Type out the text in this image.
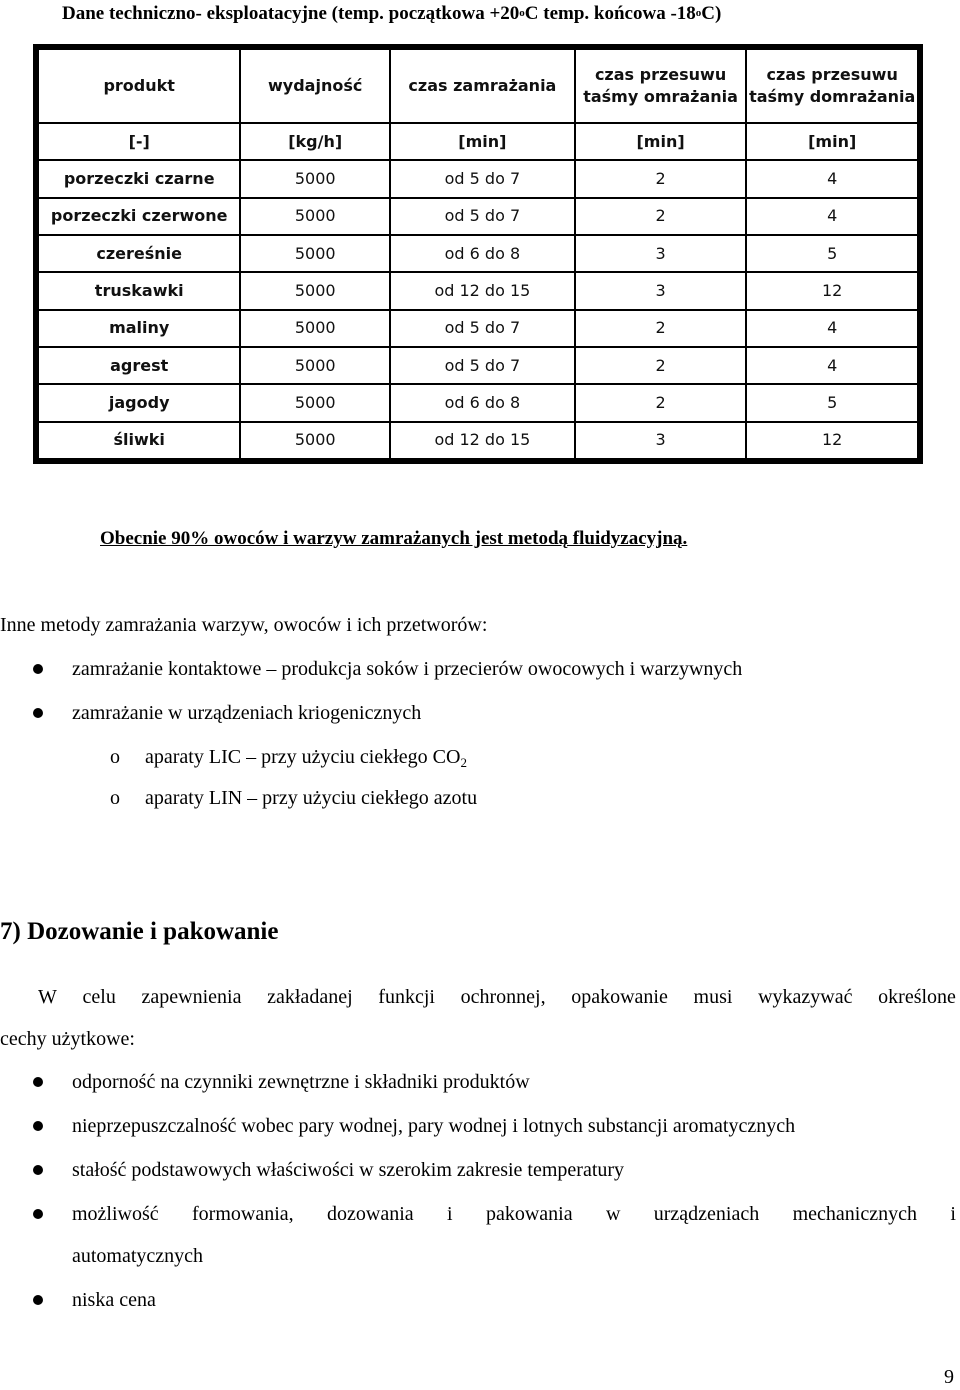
Dane techniczno- eksploatacyjne (temp. początkowa $+20^oC$ temp. końcowa -18$^o$C)
produkt	wydajność	czas zamrażania	czas przesuwu taśmy omrażania	czas przesuwu taśmy domrażania
[-]	[kg/h]	[min]	[min]	[min]
porzeczki czarne	5000	od 5 do 7	2	4
porzeczki czerwone	5000	od 5 do 7	2	4
czereśnie	5000	od 6 do 8	3	5
truskawki	5000	od 12 do 15	3	12
maliny	5000	od 5 do 7	2	4
agrest	5000	od 5 do 7	2	4
jagody	5000	od 6 do 8	2	5
śliwki	5000	od 12 do 15	3	12
Obecnie 90% owoców i warzyw zamrażanych jest metodą fluidyzacyjną.
Inne metody zamrażania warzyw, owoców i ich przetworów:
zamrażanie kontaktowe – produkcja soków i przecierów owocowych i warzywnych
zamrażanie w urządzeniach kriogenicznych
o aparaty LIC – przy użyciu ciekłego $CO_2$
o aparaty LIN – przy użyciu ciekłego azotu
7) Dozowanie i pakowanie
W celu zapewnienia zakładanej funkcji ochronnej, opakowanie musi wykazywać określone
cechy użytkowe:
odporność na czynniki zewnętrzne i składniki produktów
nieprzepuszczalność wobec pary wodnej, pary wodnej i lotnych substancji aromatycznych
stałość podstawowych właściwości w szerokim zakresie temperatury
możliwość formowania, dozowania i pakowania w urządzeniach mechanicznych i
automatycznych
niska cena
9
